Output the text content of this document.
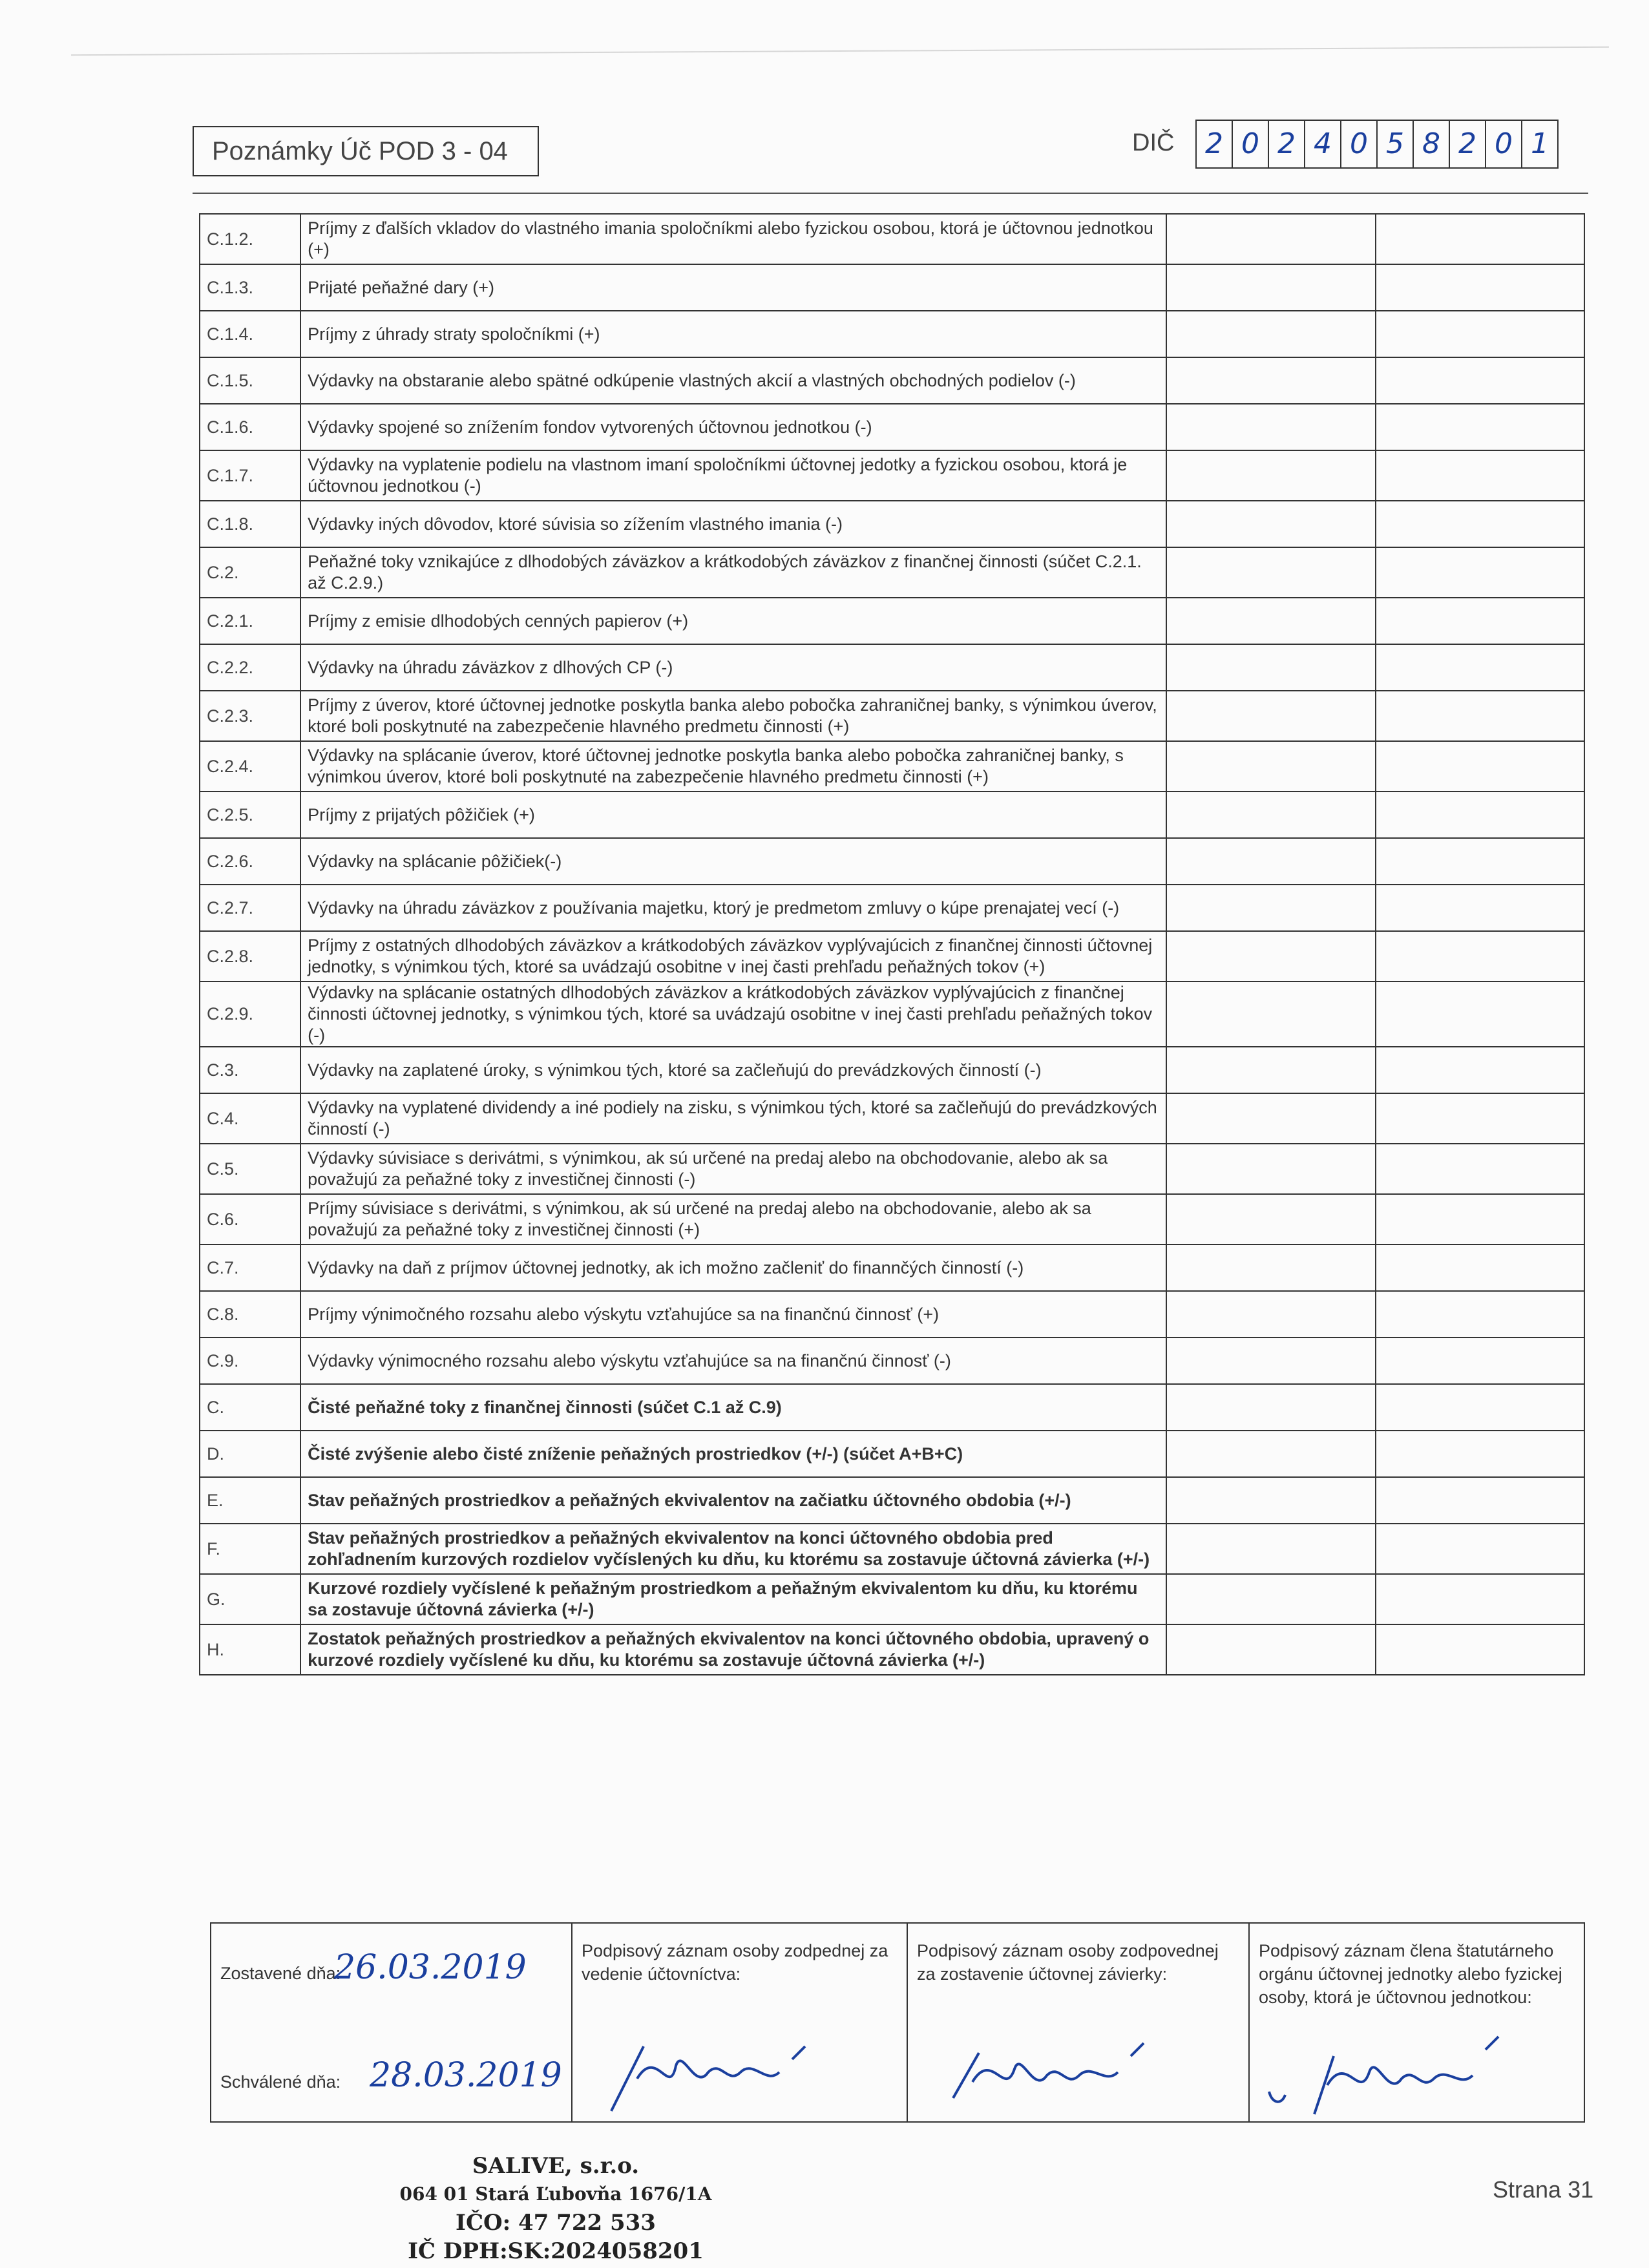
Poznámky Úč POD 3 - 04	DIČ 2 0 2 4 0 5 8 2 0 1
C.1.2.	Príjmy z ďalších vkladov do vlastného imania spoločníkmi alebo fyzickou osobou, ktorá je účtovnou jednotkou (+)		
C.1.3.	Prijaté peňažné dary (+)		
C.1.4.	Príjmy z úhrady straty spoločníkmi (+)		
C.1.5.	Výdavky na obstaranie alebo spätné odkúpenie vlastných akcií a vlastných obchodných podielov (-)		
C.1.6.	Výdavky spojené so znížením fondov vytvorených účtovnou jednotkou (-)		
C.1.7.	Výdavky na vyplatenie podielu na vlastnom imaní spoločníkmi účtovnej jedotky a fyzickou osobou, ktorá je účtovnou jednotkou (-)		
C.1.8.	Výdavky iných dôvodov, ktoré súvisia so zížením vlastného imania (-)		
C.2.	Peňažné toky vznikajúce z dlhodobých záväzkov a krátkodobých záväzkov z finančnej činnosti (súčet C.2.1. až C.2.9.)		
C.2.1.	Príjmy z emisie dlhodobých cenných papierov (+)		
C.2.2.	Výdavky na úhradu záväzkov z dlhových CP (-)		
C.2.3.	Príjmy z úverov, ktoré účtovnej jednotke poskytla banka alebo pobočka zahraničnej banky, s výnimkou úverov, ktoré boli poskytnuté na zabezpečenie hlavného predmetu činnosti (+)		
C.2.4.	Výdavky na splácanie úverov, ktoré účtovnej jednotke poskytla banka alebo pobočka zahraničnej banky, s výnimkou úverov, ktoré boli poskytnuté na zabezpečenie hlavného predmetu činnosti (+)		
C.2.5.	Príjmy z prijatých pôžičiek (+)		
C.2.6.	Výdavky na splácanie pôžičiek(-)		
C.2.7.	Výdavky na úhradu záväzkov z používania majetku, ktorý je predmetom zmluvy o kúpe prenajatej vecí (-)		
C.2.8.	Príjmy z ostatných dlhodobých záväzkov a krátkodobých záväzkov vyplývajúcich z finančnej činnosti účtovnej jednotky, s výnimkou tých, ktoré sa uvádzajú osobitne v inej časti prehľadu peňažných tokov (+)		
C.2.9.	Výdavky na splácanie ostatných dlhodobých záväzkov a krátkodobých záväzkov vyplývajúcich z finančnej činnosti účtovnej jednotky, s výnimkou tých, ktoré sa uvádzajú osobitne v inej časti prehľadu peňažných tokov (-)		
C.3.	Výdavky na zaplatené úroky, s výnimkou tých, ktoré sa začleňujú do prevádzkových činností (-)		
C.4.	Výdavky na vyplatené dividendy a iné podiely na zisku, s výnimkou tých, ktoré sa začleňujú do prevádzkových činností (-)		
C.5.	Výdavky súvisiace s derivátmi, s výnimkou, ak sú určené na predaj alebo na obchodovanie, alebo ak sa považujú za peňažné toky z investičnej činnosti (-)		
C.6.	Príjmy súvisiace s derivátmi, s výnimkou, ak sú určené na predaj alebo na obchodovanie, alebo ak sa považujú za peňažné toky z investičnej činnosti (+)		
C.7.	Výdavky na daň z príjmov účtovnej jednotky, ak ich možno začleniť do finannčých činností (-)		
C.8.	Príjmy výnimočného rozsahu alebo výskytu vzťahujúce sa na finančnú činnosť (+)		
C.9.	Výdavky výnimocného rozsahu alebo výskytu vzťahujúce sa na finančnú činnosť (-)		
C.	Čisté peňažné toky z finančnej činnosti (súčet C.1 až C.9)		
D.	Čisté zvýšenie alebo čisté zníženie peňažných prostriedkov (+/-) (súčet A+B+C)		
E.	Stav peňažných prostriedkov a peňažných ekvivalentov na začiatku účtovného obdobia (+/-)		
F.	Stav peňažných prostriedkov a peňažných ekvivalentov na konci účtovného obdobia pred zohľadnením kurzových rozdielov vyčíslených ku dňu, ku ktorému sa zostavuje účtovná závierka (+/-)		
G.	Kurzové rozdiely vyčíslené k peňažným prostriedkom a peňažným ekvivalentom ku dňu, ku ktorému sa zostavuje účtovná závierka (+/-)		
H.	Zostatok peňažných prostriedkov a peňažných ekvivalentov na konci účtovného obdobia, upravený o kurzové rozdiely vyčíslené ku dňu, ku ktorému sa zostavuje účtovná závierka (+/-)		
Zostavené dňa:
26.03.2019
Schválené dňa: 28.03.2019
Podpisový záznam osoby zodpednej za vedenie účtovníctva:
Podpisový záznam osoby zodpovednej za zostavenie účtovnej závierky:
Podpisový záznam člena štatutárneho orgánu účtovnej jednotky alebo fyzickej osoby, ktorá je účtovnou jednotkou:
SALIVE, s.r.o.
064 01 Stará Ľubovňa 1676/1A
IČO: 47 722 533
IČ DPH:SK:2024058201
Strana 31
